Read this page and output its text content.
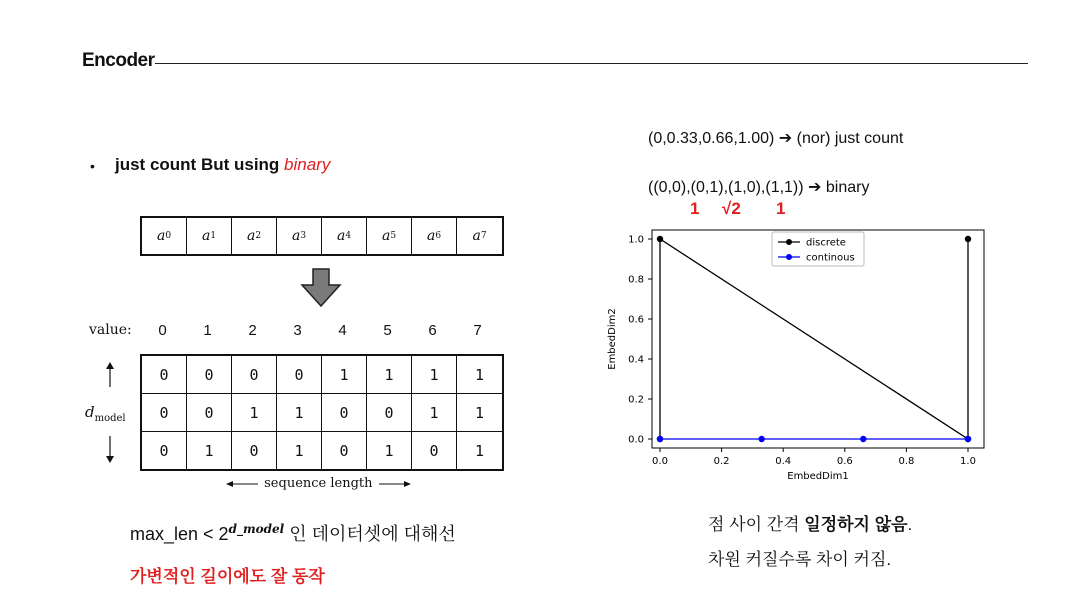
Encoder
• just count But using binary
a 0 a 1 a 2 a 3 a 4 a 5 a 6 a 7
value:	0	1	2	3	4	5	6	7
0	0	0	0	1	1	1	1
0	0	1	1	0	0	1	1
0	1	0	1	0	1	0	1
$d_{model}$
sequence length
max_len < $2^{d\_model}$ 인 데이터셋에 대해선
가변적인 길이에도 잘 동작
(0,0.33,0.66,1.00) ➔ (nor) just count
((0,0),(0,1),(1,0),(1,1)) ➔ binary
1 √2 1
0.0	0.2	0.4	0.6	0.8	1.0
0.0
0.2
0.4
0.6
0.8
1.0
EmbedDim1
EmbedDim2
discrete
continous
점 사이 간격 일정하지 않음.
차원 커질수록 차이 커짐.
